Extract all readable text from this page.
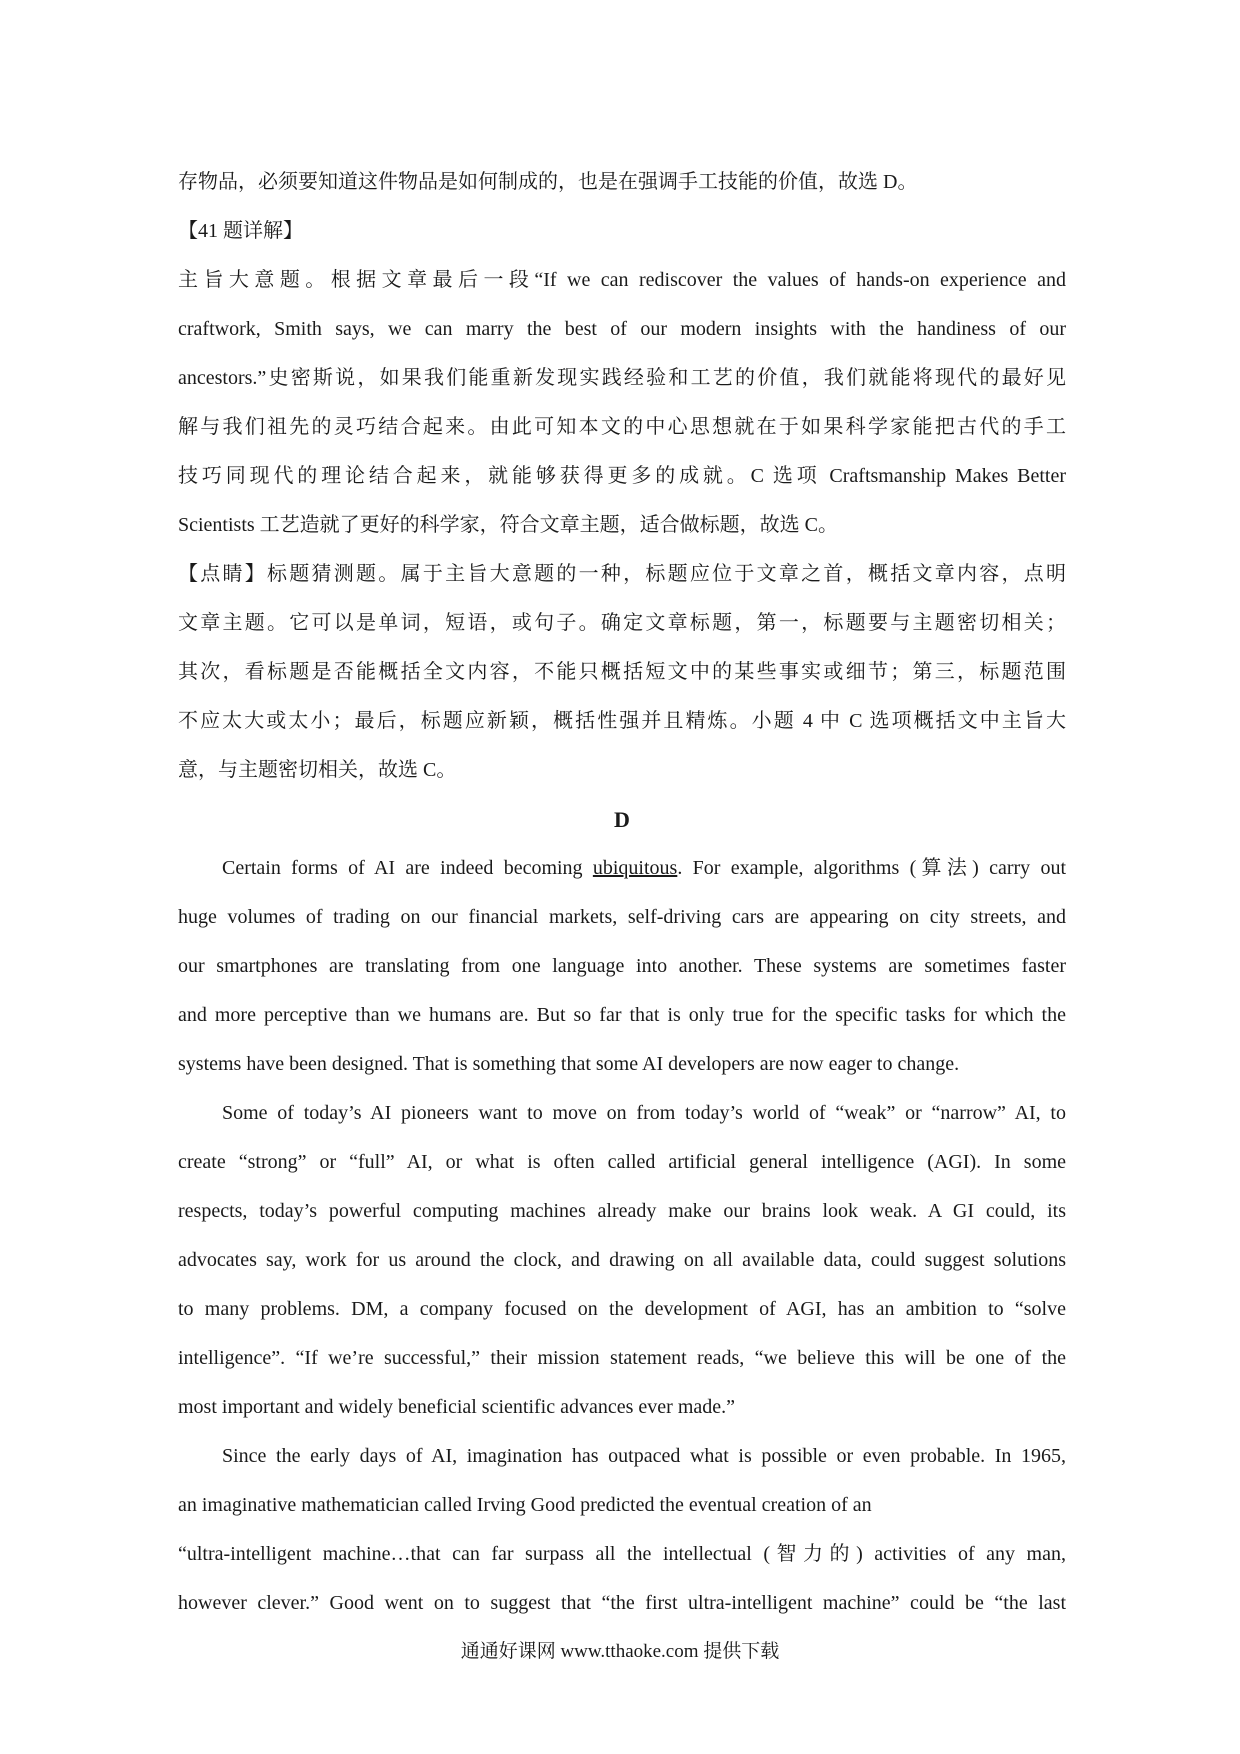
存物品，必须要知道这件物品是如何制成的，也是在强调手工技能的价值，故选 D。
【41 题详解】
主旨大意题。根据文章最后一段“If we can rediscover the values of hands-on experience and
craftwork, Smith says, we can marry the best of our modern insights with the handiness of our
ancestors.”史密斯说，如果我们能重新发现实践经验和工艺的价值，我们就能将现代的最好见
解与我们祖先的灵巧结合起来。由此可知本文的中心思想就在于如果科学家能把古代的手工
技巧同现代的理论结合起来，就能够获得更多的成就。C 选项 Craftsmanship Makes Better
Scientists 工艺造就了更好的科学家，符合文章主题，适合做标题，故选 C。
【点睛】标题猜测题。属于主旨大意题的一种，标题应位于文章之首，概括文章内容，点明
文章主题。它可以是单词，短语，或句子。确定文章标题，第一，标题要与主题密切相关；
其次，看标题是否能概括全文内容，不能只概括短文中的某些事实或细节；第三，标题范围
不应太大或太小；最后，标题应新颖，概括性强并且精炼。小题 4 中 C 选项概括文中主旨大
意，与主题密切相关，故选 C。
D
Certain forms of AI are indeed becoming ubiquitous. For example, algorithms (算法) carry out
huge volumes of trading on our financial markets, self-driving cars are appearing on city streets, and
our smartphones are translating from one language into another. These systems are sometimes faster
and more perceptive than we humans are. But so far that is only true for the specific tasks for which the
systems have been designed. That is something that some AI developers are now eager to change.
Some of today’s AI pioneers want to move on from today’s world of “weak” or “narrow” AI, to
create “strong” or “full” AI, or what is often called artificial general intelligence (AGI). In some
respects, today’s powerful computing machines already make our brains look weak. A GI could, its
advocates say, work for us around the clock, and drawing on all available data, could suggest solutions
to many problems. DM, a company focused on the development of AGI, has an ambition to “solve
intelligence”. “If we’re successful,” their mission statement reads, “we believe this will be one of the
most important and widely beneficial scientific advances ever made.”
Since the early days of AI, imagination has outpaced what is possible or even probable. In 1965,
an imaginative mathematician called Irving Good predicted the eventual creation of an
“ultra-intelligent machine…that can far surpass all the intellectual (智力的) activities of any man,
however clever.” Good went on to suggest that “the first ultra-intelligent machine” could be “the last
通通好课网 www.tthaoke.com 提供下载
